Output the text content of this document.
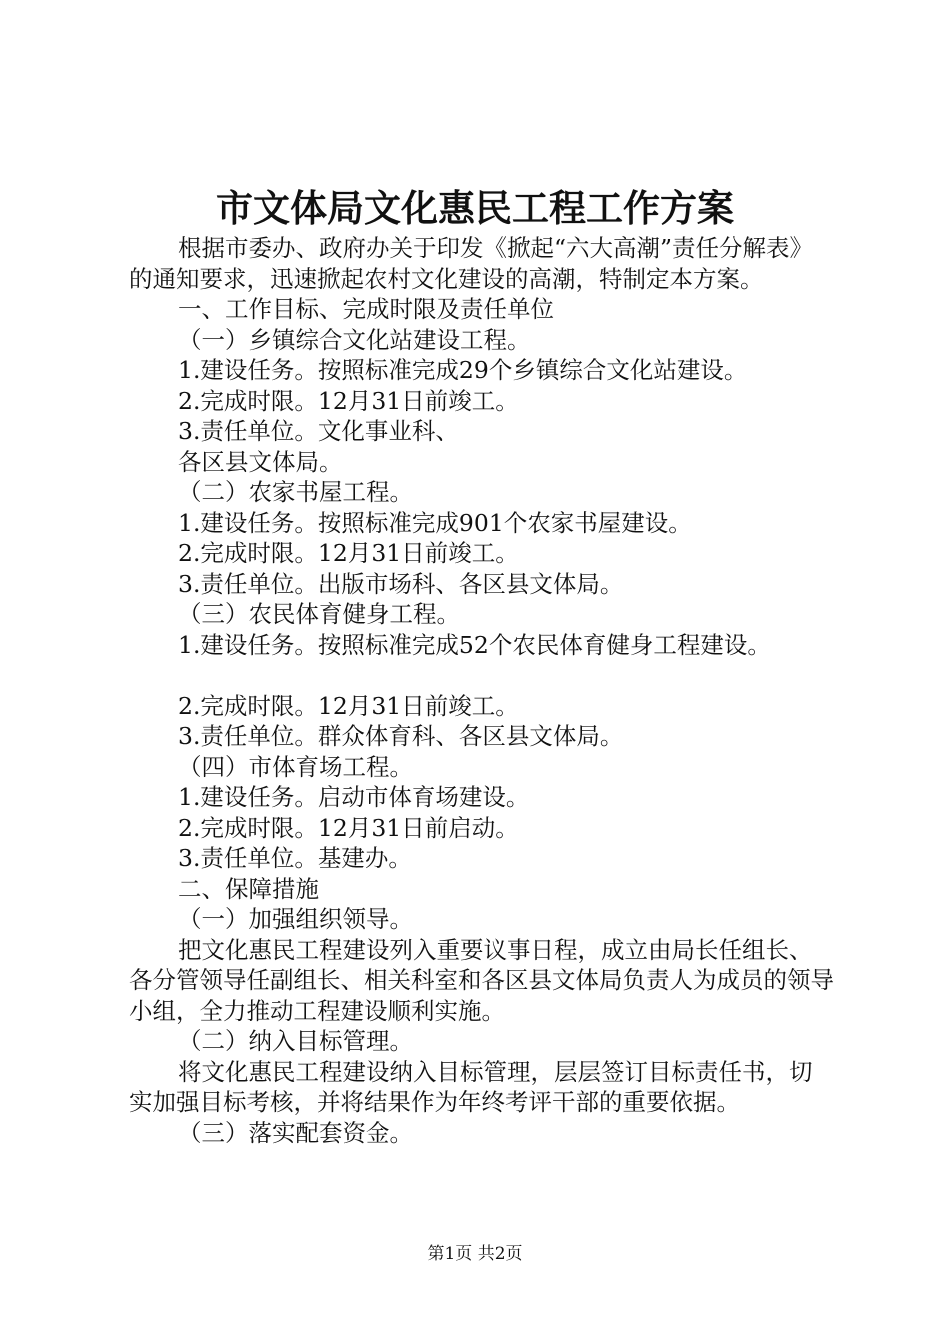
市文体局文化惠民工程工作方案

根据市委办、政府办关于印发《掀起“六大高潮”责任分解表》的通知要求，迅速掀起农村文化建设的高潮，特制定本方案。

一、工作目标、完成时限及责任单位

（一）乡镇综合文化站建设工程。

1.建设任务。按照标准完成29个乡镇综合文化站建设。

2.完成时限。12月31日前竣工。

3.责任单位。文化事业科、

各区县文体局。

（二）农家书屋工程。

1.建设任务。按照标准完成901个农家书屋建设。

2.完成时限。12月31日前竣工。

3.责任单位。出版市场科、各区县文体局。

（三）农民体育健身工程。

1.建设任务。按照标准完成52个农民体育健身工程建设。

2.完成时限。12月31日前竣工。

3.责任单位。群众体育科、各区县文体局。

（四）市体育场工程。

1.建设任务。启动市体育场建设。

2.完成时限。12月31日前启动。

3.责任单位。基建办。

二、保障措施

（一）加强组织领导。

把文化惠民工程建设列入重要议事日程，成立由局长任组长、各分管领导任副组长、相关科室和各区县文体局负责人为成员的领导小组，全力推动工程建设顺利实施。

（二）纳入目标管理。

将文化惠民工程建设纳入目标管理，层层签订目标责任书，切实加强目标考核，并将结果作为年终考评干部的重要依据。

（三）落实配套资金。

第1页 共2页
